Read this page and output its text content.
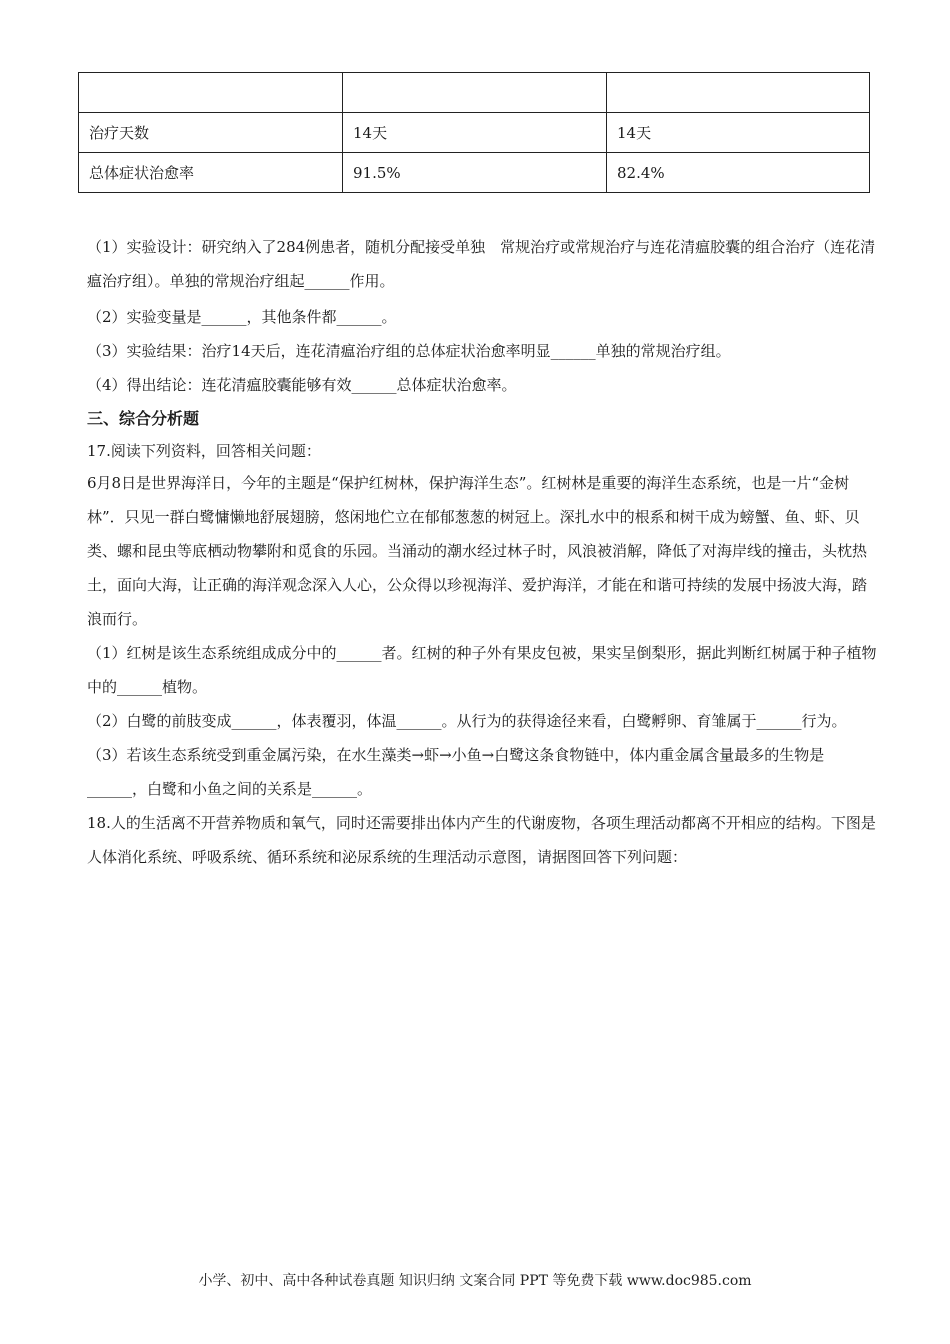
治疗天数	14天	14天
总体症状治愈率	91.5%	82.4%

（1）实验设计：研究纳入了284例患者，随机分配接受单独　常规治疗或常规治疗与连花清瘟胶囊的组合治疗（连花清瘟治疗组）。单独的常规治疗组起______作用。

（2）实验变量是______，其他条件都______。

（3）实验结果：治疗14天后，连花清瘟治疗组的总体症状治愈率明显______单独的常规治疗组。

（4）得出结论：连花清瘟胶囊能够有效______总体症状治愈率。

三、综合分析题

17.阅读下列资料，回答相关问题：

6月8日是世界海洋日，今年的主题是“保护红树林，保护海洋生态”。红树林是重要的海洋生态系统，也是一片“金树林”．只见一群白鹭慵懒地舒展翅膀，悠闲地伫立在郁郁葱葱的树冠上。深扎水中的根系和树干成为螃蟹、鱼、虾、贝类、螺和昆虫等底栖动物攀附和觅食的乐园。当涌动的潮水经过林子时，风浪被消解，降低了对海岸线的撞击，头枕热土，面向大海，让正确的海洋观念深入人心，公众得以珍视海洋、爱护海洋，才能在和谐可持续的发展中扬波大海，踏浪而行。

（1）红树是该生态系统组成成分中的______者。红树的种子外有果皮包被，果实呈倒梨形，据此判断红树属于种子植物中的______植物。

（2）白鹭的前肢变成______，体表覆羽，体温______。从行为的获得途径来看，白鹭孵卵、育雏属于______行为。

（3）若该生态系统受到重金属污染，在水生藻类→虾→小鱼→白鹭这条食物链中，体内重金属含量最多的生物是______，白鹭和小鱼之间的关系是______。

18.人的生活离不开营养物质和氧气，同时还需要排出体内产生的代谢废物，各项生理活动都离不开相应的结构。下图是人体消化系统、呼吸系统、循环系统和泌尿系统的生理活动示意图，请据图回答下列问题：

小学、初中、高中各种试卷真题 知识归纳 文案合同 PPT 等免费下载 www.doc985.com
